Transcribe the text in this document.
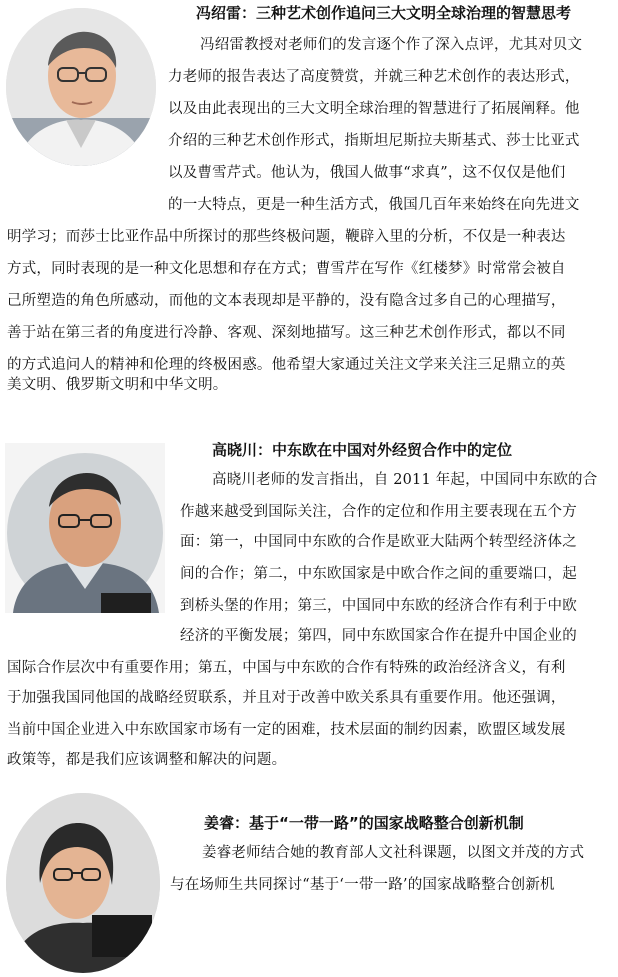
冯绍雷：三种艺术创作追问三大文明全球治理的智慧思考
冯绍雷教授对老师们的发言逐个作了深入点评，尤其对贝文
力老师的报告表达了高度赞赏，并就三种艺术创作的表达形式，
以及由此表现出的三大文明全球治理的智慧进行了拓展阐释。他
介绍的三种艺术创作形式，指斯坦尼斯拉夫斯基式、莎士比亚式
以及曹雪芹式。他认为，俄国人做事“求真”，这不仅仅是他们
的一大特点，更是一种生活方式，俄国几百年来始终在向先进文
明学习；而莎士比亚作品中所探讨的那些终极问题，鞭辟入里的分析，不仅是一种表达
方式，同时表现的是一种文化思想和存在方式；曹雪芹在写作《红楼梦》时常常会被自
己所塑造的角色所感动，而他的文本表现却是平静的，没有隐含过多自己的心理描写，
善于站在第三者的角度进行冷静、客观、深刻地描写。这三种艺术创作形式，都以不同
的方式追问人的精神和伦理的终极困惑。他希望大家通过关注文学来关注三足鼎立的英
美文明、俄罗斯文明和中华文明。
高晓川：中东欧在中国对外经贸合作中的定位
高晓川老师的发言指出，自 2011 年起，中国同中东欧的合
作越来越受到国际关注，合作的定位和作用主要表现在五个方
面：第一，中国同中东欧的合作是欧亚大陆两个转型经济体之
间的合作；第二，中东欧国家是中欧合作之间的重要端口，起
到桥头堡的作用；第三，中国同中东欧的经济合作有利于中欧
经济的平衡发展；第四，同中东欧国家合作在提升中国企业的
国际合作层次中有重要作用；第五，中国与中东欧的合作有特殊的政治经济含义，有利
于加强我国同他国的战略经贸联系，并且对于改善中欧关系具有重要作用。他还强调，
当前中国企业进入中东欧国家市场有一定的困难，技术层面的制约因素，欧盟区域发展
政策等，都是我们应该调整和解决的问题。
姜睿：基于“一带一路”的国家战略整合创新机制
姜睿老师结合她的教育部人文社科课题，以图文并茂的方式
与在场师生共同探讨“基于‘一带一路’的国家战略整合创新机
